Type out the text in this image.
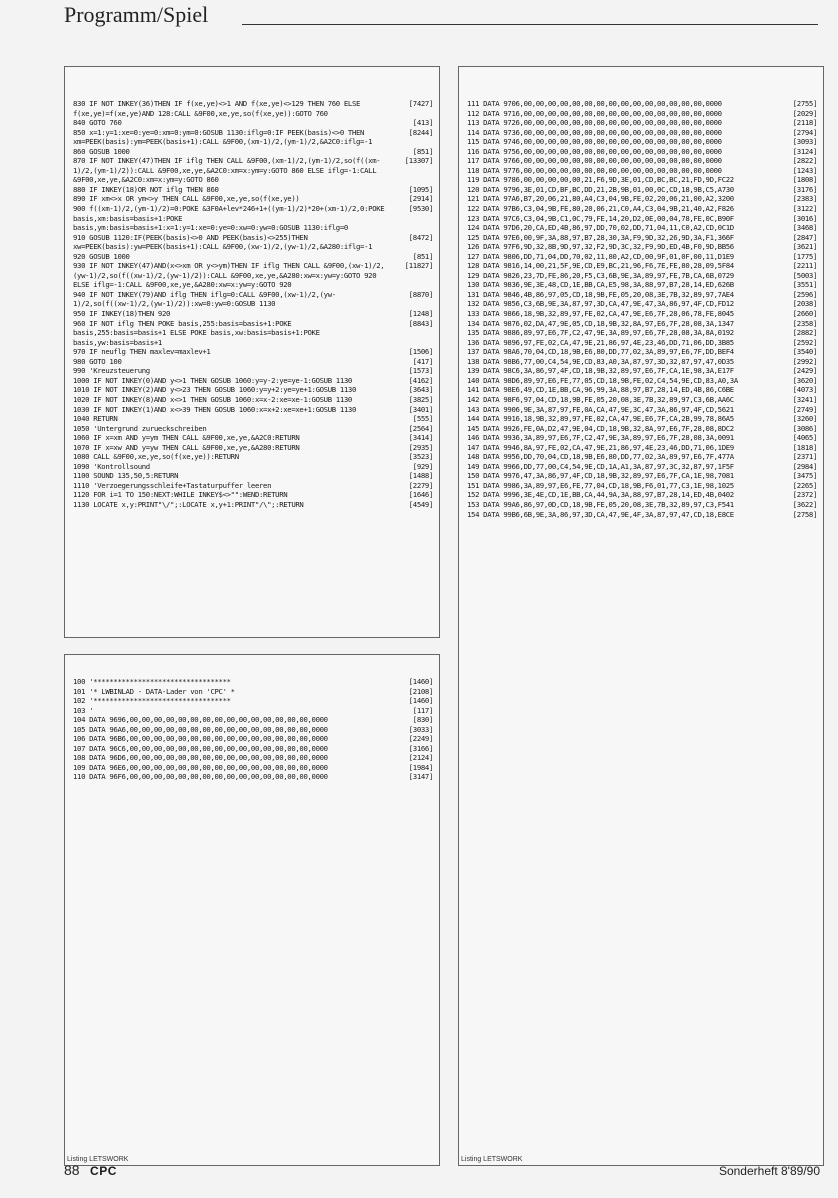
Programm/Spiel
830 IF NOT INKEY(36)THEN IF f(xe,ye)<>1 AND f(xe,ye)<>129 THEN 760 ELSE f(xe,ye)=f(xe,ye)AND 128:CALL &9F00,xe,ye,so(f(xe,ye)):GOTO 760
[7427]
840 GOTO 760	[413]
850 x=1:y=1:xe=0:ye=0:xm=0:ym=0:GOSUB 1130:iflg=0:IF PEEK(basis)<>0 THEN xm=PEEK(basis):ym=PEEK(basis+1):CALL &9F00,(xm-1)/2,(ym-1)/2,&A2C0:iflg=-1
[8244]
860 GOSUB 1000	[851]
870 IF NOT INKEY(47)THEN IF iflg THEN CALL &9F00,(xm-1)/2,(ym-1)/2,so(f((xm-1)/2,(ym-1)/2)):CALL &9F00,xe,ye,&A2C0:xm=x:ym=y:GOTO 860 ELSE iflg=-1:CALL &9F00,xe,ye,&A2C0:xm=x:ym=y:GOTO 860
[13307]
880 IF INKEY(18)OR NOT iflg THEN 860	[1095]
890 IF xm<>x OR ym<>y THEN CALL &9F00,xe,ye,so(f(xe,ye))	[2914]
900 f((xm-1)/2,(ym-1)/2)=0:POKE &3F0A+lev*246+1+((ym-1)/2)*20+(xm-1)/2,0:POKE basis,xm:basis=basis+1:POKE basis,ym:basis=basis+1:x=1:y=1:xe=0:ye=0:xw=0:yw=0:GOSUB 1130:iflg=0
[9530]
910 GOSUB 1120:IF(PEEK(basis)<>0 AND PEEK(basis)<>255)THEN xw=PEEK(basis):yw=PEEK(basis+1):CALL &9F00,(xw-1)/2,(yw-1)/2,&A280:iflg=-1
[8472]
920 GOSUB 1000	[851]
930 IF NOT INKEY(47)AND(x<>xm OR y<>ym)THEN IF iflg THEN CALL &9F00,(xw-1)/2,(yw-1)/2,so(f((xw-1)/2,(yw-1)/2)):CALL &9F00,xe,ye,&A280:xw=x:yw=y:GOTO 920 ELSE iflg=-1:CALL &9F00,xe,ye,&A280:xw=x:yw=y:GOTO 920
[11827]
940 IF NOT INKEY(79)AND iflg THEN iflg=0:CALL &9F00,(xw-1)/2,(yw-1)/2,so(f((xw-1)/2,(yw-1)/2)):xw=0:yw=0:GOSUB 1130
[8870]
950 IF INKEY(18)THEN 920	[1248]
960 IF NOT iflg THEN POKE basis,255:basis=basis+1:POKE basis,255:basis=basis+1 ELSE POKE basis,xw:basis=basis+1:POKE basis,yw:basis=basis+1
[8843]
970 IF neuflg THEN maxlev=maxlev+1	[1506]
980 GOTO 100	[417]
990 'Kreuzsteuerung	[1573]
1000 IF NOT INKEY(0)AND y<>1 THEN GOSUB 1060:y=y-2:ye=ye-1:GOSUB 1130	[4162]
1010 IF NOT INKEY(2)AND y<>23 THEN GOSUB 1060:y=y+2:ye=ye+1:GOSUB 1130	[3643]
1020 IF NOT INKEY(8)AND x<>1 THEN GOSUB 1060:x=x-2:xe=xe-1:GOSUB 1130	[3825]
1030 IF NOT INKEY(1)AND x<>39 THEN GOSUB 1060:x=x+2:xe=xe+1:GOSUB 1130	[3401]
1040 RETURN	[555]
1050 'Untergrund zurueckschreiben	[2564]
1060 IF x=xm AND y=ym THEN CALL &9F00,xe,ye,&A2C0:RETURN	[3414]
1070 IF x=xw AND y=yw THEN CALL &9F00,xe,ye,&A280:RETURN	[2935]
1080 CALL &9F00,xe,ye,so(f(xe,ye)):RETURN	[3523]
1090 'Kontrollsound	[929]
1100 SOUND 135,50,5:RETURN	[1488]
1110 'Verzoegerungsschleife+Tastaturpuffer leeren	[2279]
1120 FOR i=1 TO 150:NEXT:WHILE INKEY$<>"":WEND:RETURN	[1646]
1130 LOCATE x,y:PRINT"\/";:LOCATE x,y+1:PRINT"/\";:RETURN	[4549]
100 '**********************************	[1460]
101 '* LWBINLAD - DATA-Lader von 'CPC' *	[2108]
102 '**********************************	[1460]
103 '	[117]
104 DATA 9696,00,00,00,00,00,00,00,00,00,00,00,00,00,00,00,0000	[830]
105 DATA 96A6,00,00,00,00,00,00,00,00,00,00,00,00,00,00,00,0000	[3033]
106 DATA 96B6,00,00,00,00,00,00,00,00,00,00,00,00,00,00,00,0000	[2249]
107 DATA 96C6,00,00,00,00,00,00,00,00,00,00,00,00,00,00,00,0000	[3166]
108 DATA 96D6,00,00,00,00,00,00,00,00,00,00,00,00,00,00,00,0000	[2124]
109 DATA 96E6,00,00,00,00,00,00,00,00,00,00,00,00,00,00,00,0000	[1984]
110 DATA 96F6,00,00,00,00,00,00,00,00,00,00,00,00,00,00,00,0000	[3147]
Listing LETSWORK
111 DATA 9706,00,00,00,00,00,00,00,00,00,00,00,00,00,00,00,0000	[2755]
112 DATA 9716,00,00,00,00,00,00,00,00,00,00,00,00,00,00,00,0000	[2029]
113 DATA 9726,00,00,00,00,00,00,00,00,00,00,00,00,00,00,00,0000	[2118]
114 DATA 9736,00,00,00,00,00,00,00,00,00,00,00,00,00,00,00,0000	[2794]
115 DATA 9746,00,00,00,00,00,00,00,00,00,00,00,00,00,00,00,0000	[3093]
116 DATA 9756,00,00,00,00,00,00,00,00,00,00,00,00,00,00,00,0000	[3124]
117 DATA 9766,00,00,00,00,00,00,00,00,00,00,00,00,00,00,00,0000	[2822]
118 DATA 9776,00,00,00,00,00,00,00,00,00,00,00,00,00,00,00,0000	[1243]
119 DATA 9786,00,00,00,00,00,21,F6,9D,3E,01,CD,BC,BC,21,FD,9D,FC22	[1808]
120 DATA 9796,3E,01,CD,BF,BC,DD,21,2B,9B,01,00,0C,CD,18,9B,C5,A730	[3176]
121 DATA 97A6,B7,20,06,21,80,A4,C3,04,9B,FE,02,20,06,21,00,A2,3200	[2383]
122 DATA 97B6,C3,04,9B,FE,80,20,06,21,C0,A4,C3,04,9B,21,40,A2,F826	[3122]
123 DATA 97C6,C3,04,9B,C1,0C,79,FE,14,20,D2,0E,00,04,78,FE,0C,B90F	[3016]
124 DATA 97D6,20,CA,ED,4B,86,97,DD,70,02,DD,71,04,11,C0,A2,CD,0C1D	[3468]
125 DATA 97E6,00,9F,3A,88,97,B7,28,30,3A,F9,9D,32,26,9D,3A,F1,366F	[2847]
126 DATA 97F6,9D,32,8B,9D,97,32,F2,9D,3C,32,F9,9D,ED,4B,F0,9D,BB56	[3621]
127 DATA 9806,DD,71,04,DD,70,02,11,80,A2,CD,00,9F,01,0F,00,11,D1E9	[1775]
128 DATA 9816,14,00,21,5F,9E,CD,E9,BC,21,96,F6,7E,FE,80,28,09,5F84	[2211]
129 DATA 9826,23,7D,FE,86,20,F5,C3,6B,9E,3A,89,97,FE,7B,CA,6B,0729	[5003]
130 DATA 9836,9E,3E,48,CD,1E,BB,CA,E5,98,3A,88,97,B7,28,14,ED,626B	[3551]
131 DATA 9846,4B,86,97,05,CD,18,9B,FE,05,20,08,3E,7B,32,89,97,7AE4	[2596]
132 DATA 9856,C3,6B,9E,3A,87,97,3D,CA,47,9E,47,3A,86,97,4F,CD,FD12	[2038]
133 DATA 9866,18,9B,32,89,97,FE,02,CA,47,9E,E6,7F,28,06,78,FE,8045	[2660]
134 DATA 9876,02,DA,47,9E,05,CD,18,9B,32,8A,97,E6,7F,28,08,3A,1347	[2358]
135 DATA 9886,89,97,E6,7F,C2,47,9E,3A,89,97,E6,7F,28,08,3A,8A,0192	[2882]
136 DATA 9896,97,FE,02,CA,47,9E,21,86,97,4E,23,46,DD,71,06,DD,3B85	[2592]
137 DATA 98A6,70,04,CD,18,9B,E6,80,DD,77,02,3A,89,97,E6,7F,DD,BEF4	[3540]
138 DATA 98B6,77,00,C4,54,9E,CD,83,A0,3A,87,97,3D,32,87,97,47,0D35	[2992]
139 DATA 98C6,3A,86,97,4F,CD,18,9B,32,89,97,E6,7F,CA,1E,98,3A,E17F	[2429]
140 DATA 98D6,89,97,E6,FE,77,05,CD,18,9B,FE,02,C4,54,9E,CD,83,A0,3A	[3620]
141 DATA 98E6,49,CD,1E,BB,CA,96,99,3A,88,97,B7,28,14,ED,4B,86,C6BE	[4073]
142 DATA 98F6,97,04,CD,18,9B,FE,05,20,08,3E,7B,32,89,97,C3,6B,AA6C	[3241]
143 DATA 9906,9E,3A,87,97,FE,0A,CA,47,9E,3C,47,3A,86,97,4F,CD,5621	[2749]
144 DATA 9916,18,9B,32,89,97,FE,02,CA,47,9E,E6,7F,CA,2B,99,78,86A5	[3260]
145 DATA 9926,FE,0A,D2,47,9E,04,CD,18,9B,32,8A,97,E6,7F,28,08,8DC2	[3086]
146 DATA 9936,3A,89,97,E6,7F,C2,47,9E,3A,89,97,E6,7F,28,08,3A,0091	[4065]
147 DATA 9946,8A,97,FE,02,CA,47,9E,21,86,97,4E,23,46,DD,71,06,1DE9	[1818]
148 DATA 9956,DD,70,04,CD,18,9B,E6,80,DD,77,02,3A,89,97,E6,7F,477A	[2371]
149 DATA 9966,DD,77,00,C4,54,9E,CD,1A,A1,3A,87,97,3C,32,87,97,1F5F	[2984]
150 DATA 9976,47,3A,86,97,4F,CD,18,9B,32,89,97,E6,7F,CA,1E,98,7081	[3475]
151 DATA 9986,3A,89,97,E6,FE,77,04,CD,18,9B,F6,01,77,C3,1E,98,1025	[2265]
152 DATA 9996,3E,4E,CD,1E,BB,CA,44,9A,3A,88,97,B7,28,14,ED,4B,0402	[2372]
153 DATA 99A6,86,97,0D,CD,18,9B,FE,05,20,08,3E,7B,32,89,97,C3,F541	[3622]
154 DATA 99B6,6B,9E,3A,86,97,3D,CA,47,9E,4F,3A,87,97,47,CD,18,E8CE	[2758]
Listing LETSWORK
88 CPC	Sonderheft 8'89/90
